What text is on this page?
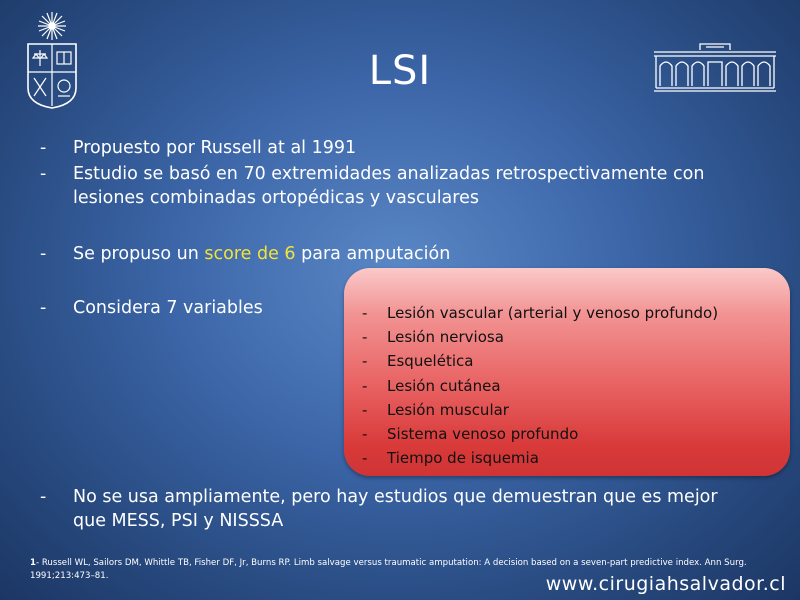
LSI
- Propuesto por Russell at al 1991
- Estudio se basó en 70 extremidades analizadas retrospectivamente con lesiones combinadas ortopédicas y vasculares
- Se propuso un score de 6 para amputación
- Considera 7 variables	- Lesión vascular (arterial y venoso profundo)
- Lesión nerviosa
- Esquelética
- Lesión cutánea
- Lesión muscular
- Sistema venoso profundo
- Tiempo de isquemia
- No se usa ampliamente, pero hay estudios que demuestran que es mejor que MESS, PSI y NISSSA
1- Russell WL, Sailors DM, Whittle TB, Fisher DF, Jr, Burns RP. Limb salvage versus traumatic amputation: A decision based on a seven-part predictive index. Ann Surg. 1991;213:473–81.	www.cirugiahsalvador.cl
